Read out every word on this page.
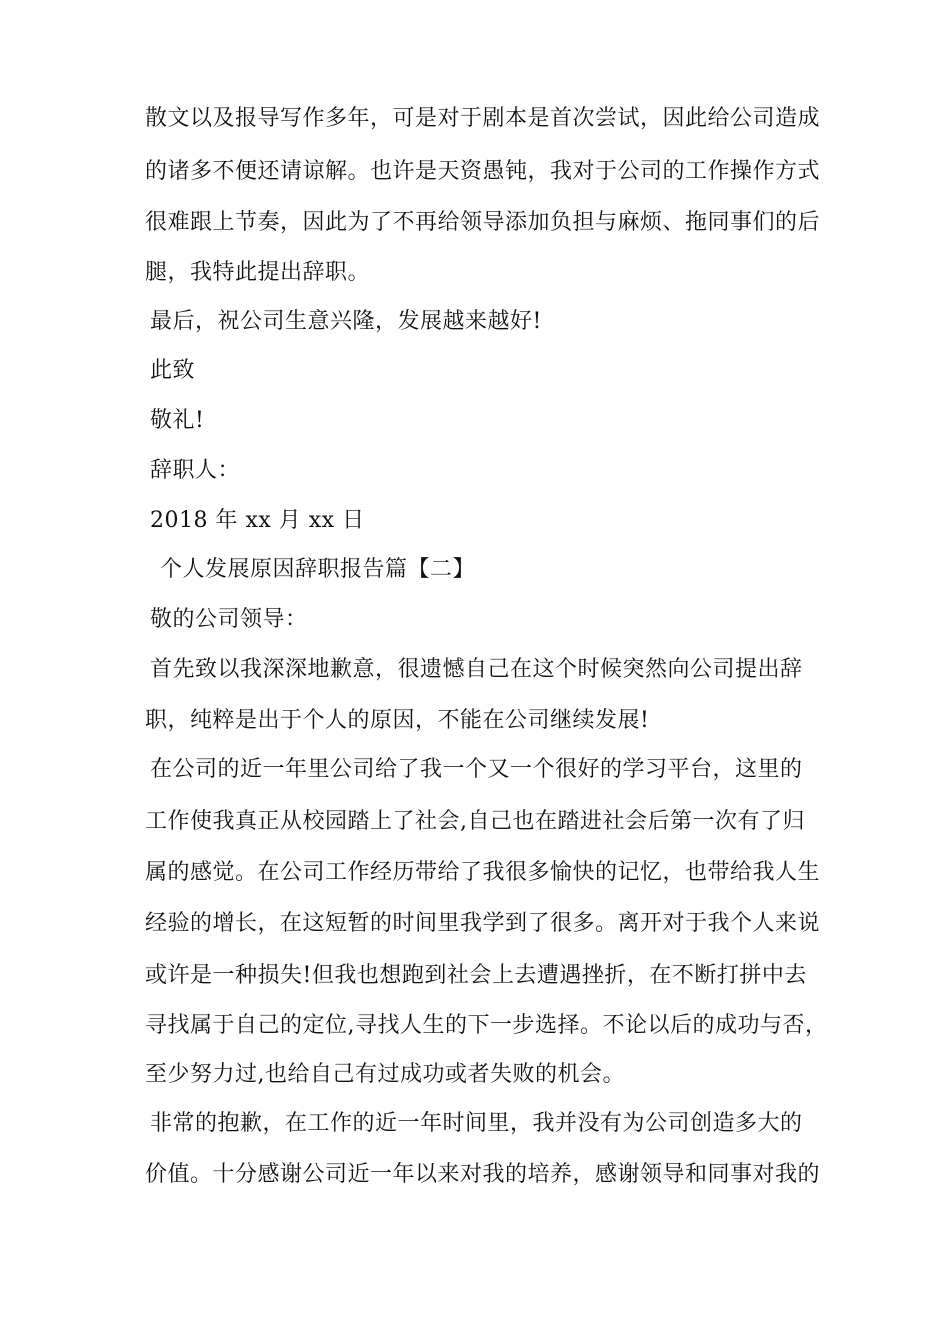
散文以及报导写作多年，可是对于剧本是首次尝试，因此给公司造成
的诸多不便还请谅解。也许是天资愚钝，我对于公司的工作操作方式
很难跟上节奏，因此为了不再给领导添加负担与麻烦、拖同事们的后
腿，我特此提出辞职。
最后，祝公司生意兴隆，发展越来越好!
此致
敬礼!
辞职人：
2018 年 xx 月 xx 日
个人发展原因辞职报告篇【二】
敬的公司领导：
首先致以我深深地歉意，很遗憾自己在这个时候突然向公司提出辞
职，纯粹是出于个人的原因，不能在公司继续发展!
在公司的近一年里公司给了我一个又一个很好的学习平台，这里的
工作使我真正从校园踏上了社会,自己也在踏进社会后第一次有了归
属的感觉。在公司工作经历带给了我很多愉快的记忆，也带给我人生
经验的增长，在这短暂的时间里我学到了很多。离开对于我个人来说
或许是一种损失!但我也想跑到社会上去遭遇挫折，在不断打拼中去
寻找属于自己的定位,寻找人生的下一步选择。不论以后的成功与否，
至少努力过,也给自己有过成功或者失败的机会。
非常的抱歉，在工作的近一年时间里，我并没有为公司创造多大的
价值。十分感谢公司近一年以来对我的培养，感谢领导和同事对我的
